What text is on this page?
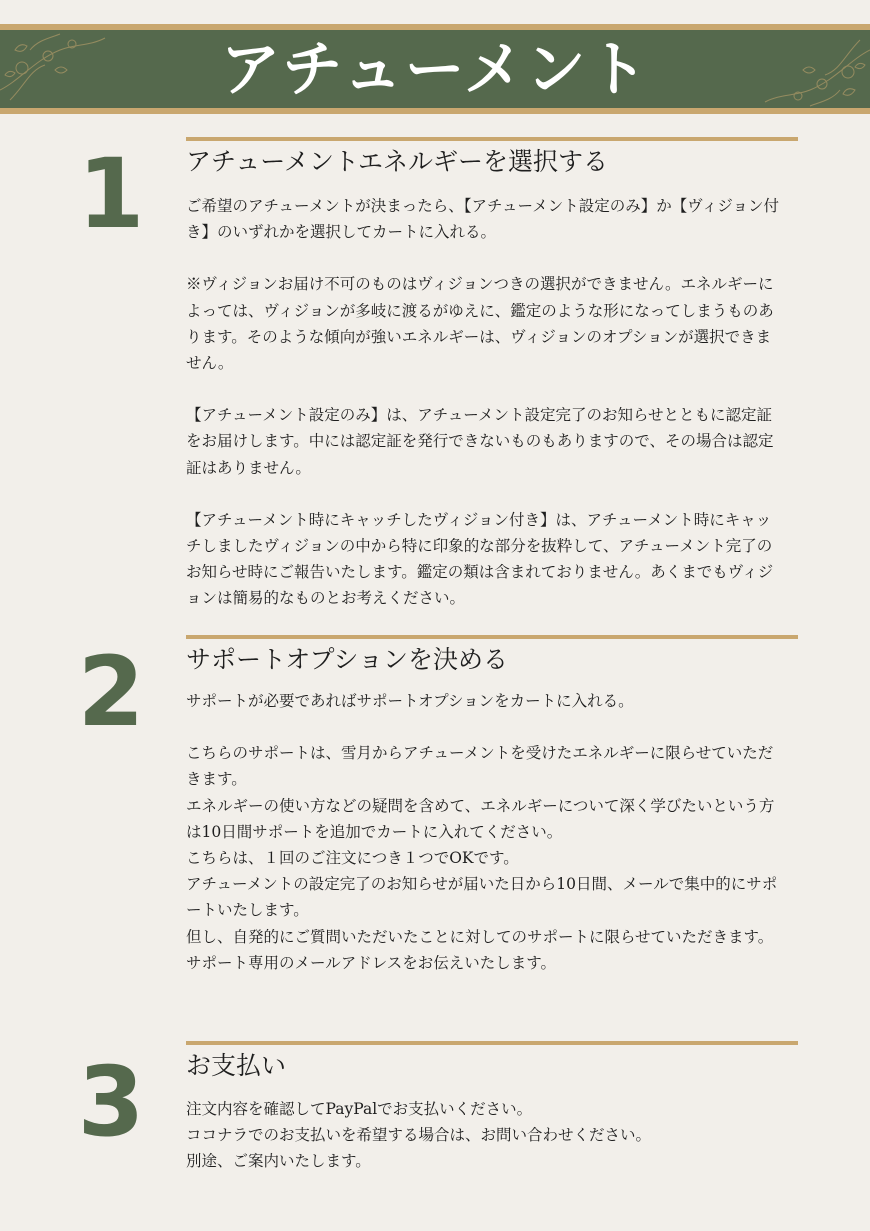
アチューメント
1	アチューメントエネルギーを選択する

ご希望のアチューメントが決まったら、【アチューメント設定のみ】か【ヴィジョン付き】のいずれかを選択してカートに入れる。

※ヴィジョンお届け不可のものはヴィジョンつきの選択ができません。エネルギーによっては、ヴィジョンが多岐に渡るがゆえに、鑑定のような形になってしまうものあります。そのような傾向が強いエネルギーは、ヴィジョンのオプションが選択できません。

【アチューメント設定のみ】は、アチューメント設定完了のお知らせとともに認定証をお届けします。中には認定証を発行できないものもありますので、その場合は認定証はありません。

【アチューメント時にキャッチしたヴィジョン付き】は、アチューメント時にキャッチしましたヴィジョンの中から特に印象的な部分を抜粋して、アチューメント完了のお知らせ時にご報告いたします。鑑定の類は含まれておりません。あくまでもヴィジョンは簡易的なものとお考えください。

2	サポートオプションを決める

サポートが必要であればサポートオプションをカートに入れる。

こちらのサポートは、雪月からアチューメントを受けたエネルギーに限らせていただきます。

エネルギーの使い方などの疑問を含めて、エネルギーについて深く学びたいという方は10日間サポートを追加でカートに入れてください。

こちらは、１回のご注文につき１つでOKです。

アチューメントの設定完了のお知らせが届いた日から10日間、メールで集中的にサポートいたします。

但し、自発的にご質問いただいたことに対してのサポートに限らせていただきます。

サポート専用のメールアドレスをお伝えいたします。

3	お支払い

注文内容を確認してPayPalでお支払いください。

ココナラでのお支払いを希望する場合は、お問い合わせください。

別途、ご案内いたします。
